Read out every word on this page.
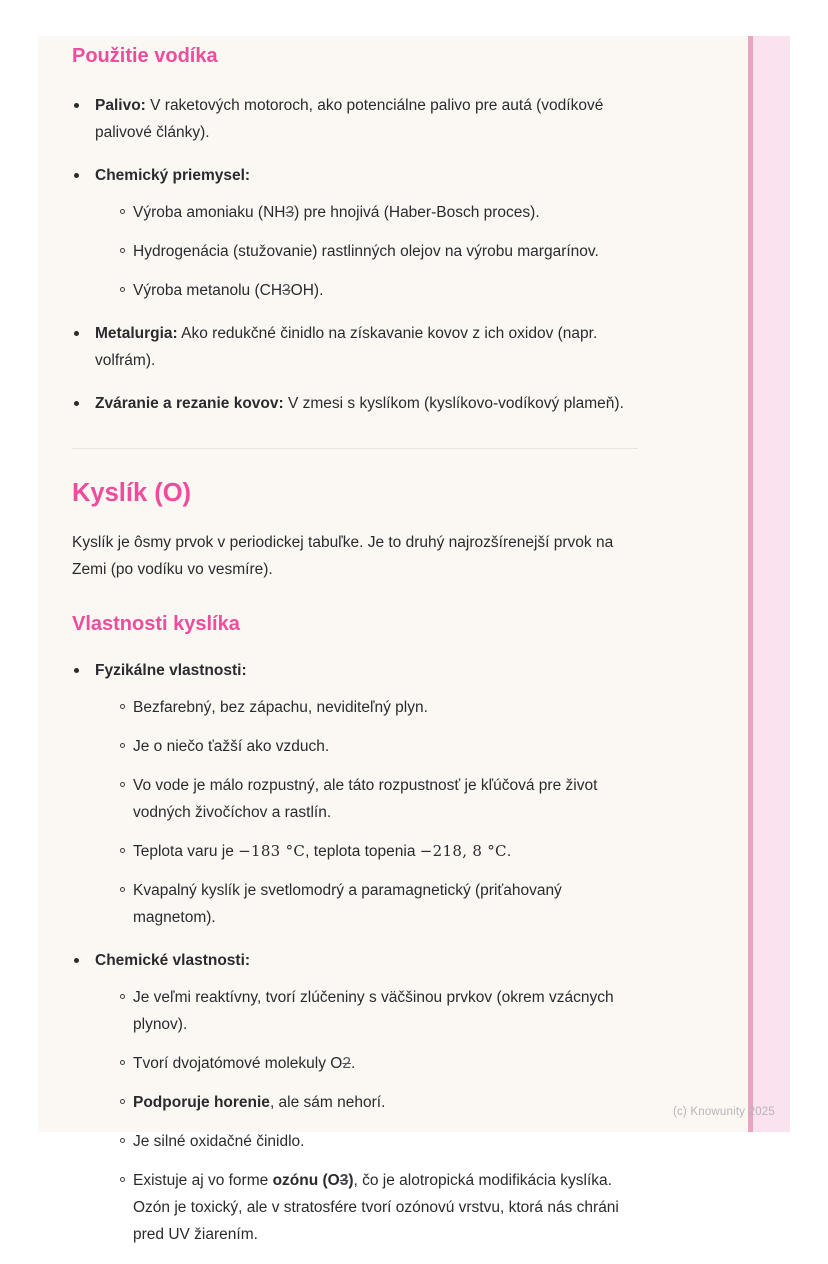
Použitie vodíka

Palivo: V raketových motoroch, ako potenciálne palivo pre autá (vodíkové palivové články).

Chemický priemysel:

Výroba amoniaku (NH3) pre hnojivá (Haber-Bosch proces).

Hydrogenácia (stužovanie) rastlinných olejov na výrobu margarínov.

Výroba metanolu (CH3OH).

Metalurgia: Ako redukčné činidlo na získavanie kovov z ich oxidov (napr. volfrám).

Zváranie a rezanie kovov: V zmesi s kyslíkom (kyslíkovo-vodíkový plameň).

Kyslík (O)

Kyslík je ôsmy prvok v periodickej tabuľke. Je to druhý najrozšírenejší prvok na Zemi (po vodíku vo vesmíre).

Vlastnosti kyslíka

Fyzikálne vlastnosti:

Bezfarebný, bez zápachu, neviditeľný plyn.

Je o niečo ťažší ako vzduch.

Vo vode je málo rozpustný, ale táto rozpustnosť je kľúčová pre život vodných živočíchov a rastlín.

Teplota varu je −183 °C, teplota topenia −218, 8 °C.

Kvapalný kyslík je svetlomodrý a paramagnetický (priťahovaný magnetom).

Chemické vlastnosti:

Je veľmi reaktívny, tvorí zlúčeniny s väčšinou prvkov (okrem vzácnych plynov).

Tvorí dvojatómové molekuly O2.

Podporuje horenie, ale sám nehorí.

Je silné oxidačné činidlo.

Existuje aj vo forme ozónu (O3), čo je alotropická modifikácia kyslíka. Ozón je toxický, ale v stratosfére tvorí ozónovú vrstvu, ktorá nás chráni pred UV žiarením.

(c) Knowunity 2025
